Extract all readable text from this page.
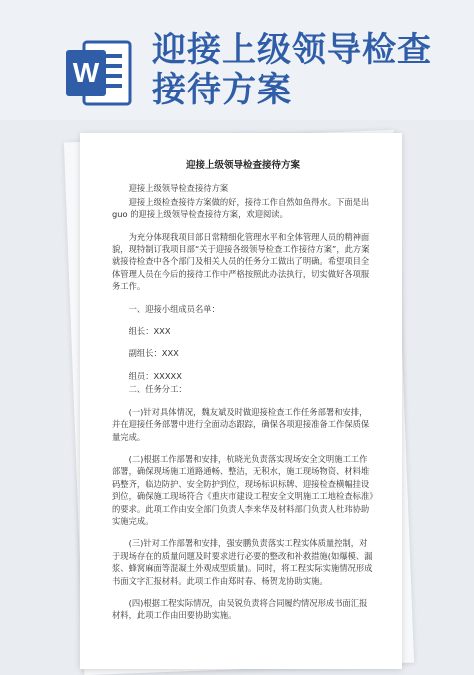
W
迎接上级领导检查接待方案
迎接上级领导检查接待方案

迎接上级领导检查接待方案

迎接上级检查接待方案做的好，接待工作自然如鱼得水。下面是出 guo 的迎接上级领导检查接待方案，欢迎阅读。

为充分体现我项目部日常精细化管理水平和全体管理人员的精神面貌，现特制订我项目部“关于迎接各级领导检查工作接待方案”，此方案就接待检查中各个部门及相关人员的任务分工做出了明确。希望项目全体管理人员在今后的接待工作中严格按照此办法执行，切实做好各项服务工作。

一、迎接小组成员名单：

组长：XXX

副组长：XXX

组员：XXXXX

二、任务分工：

(一)针对具体情况，魏友斌及时做迎接检查工作任务部署和安排，并在迎接任务部署中进行全面动态跟踪，确保各项迎接准备工作保质保量完成。

(二)根据工作部署和安排，杭晓光负责落实现场安全文明施工工作部署，确保现场施工道路通畅、整洁，无积水，施工现场物资、材料堆码整齐，临边防护、安全防护到位，现场标识标牌、迎接检查横幅挂设到位，确保施工现场符合《重庆市建设工程安全文明施工工地检查标准》的要求。此项工作由安全部门负责人李来华及材料部门负责人杜玮协助实施完成。

(三)针对工作部署和安排，强安鹏负责落实工程实体质量控制，对于现场存在的质量问题及时要求进行必要的整改和补救措施(如爆模、漏浆、蜂窝麻面等混凝土外观成型质量)。同时，将工程实际实施情况形成书面文字汇报材料。此项工作由郑时春、杨贺龙协助实施。

(四)根据工程实际情况，由吴锐负责将合同履约情况形成书面汇报材料，此项工作由田要协助实施。
